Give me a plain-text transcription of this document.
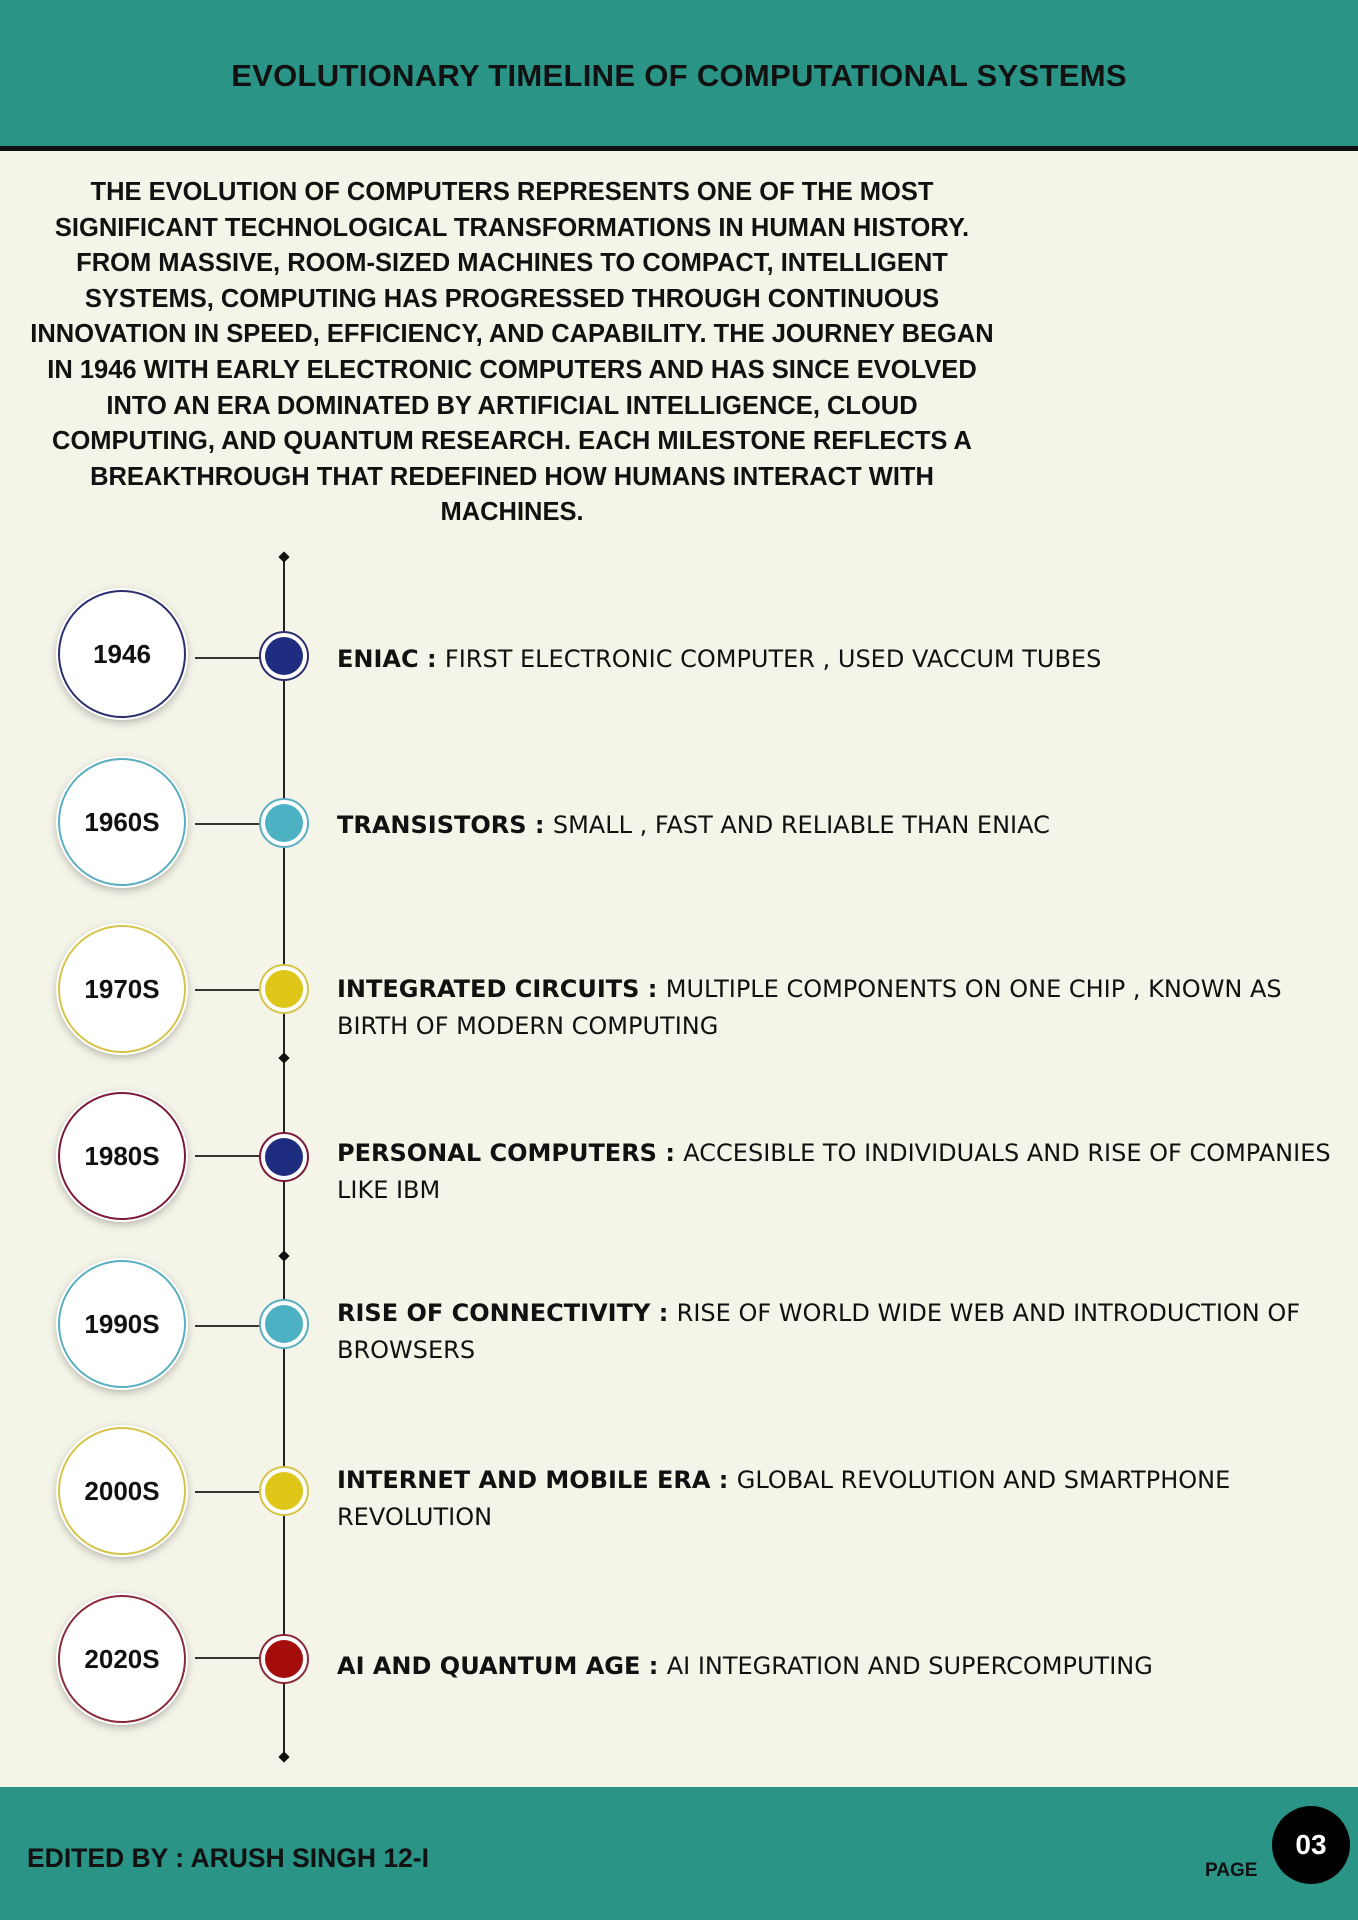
EVOLUTIONARY TIMELINE OF COMPUTATIONAL SYSTEMS
THE EVOLUTION OF COMPUTERS REPRESENTS ONE OF THE MOST SIGNIFICANT TECHNOLOGICAL TRANSFORMATIONS IN HUMAN HISTORY. FROM MASSIVE, ROOM-SIZED MACHINES TO COMPACT, INTELLIGENT SYSTEMS, COMPUTING HAS PROGRESSED THROUGH CONTINUOUS INNOVATION IN SPEED, EFFICIENCY, AND CAPABILITY. THE JOURNEY BEGAN IN 1946 WITH EARLY ELECTRONIC COMPUTERS AND HAS SINCE EVOLVED INTO AN ERA DOMINATED BY ARTIFICIAL INTELLIGENCE, CLOUD COMPUTING, AND QUANTUM RESEARCH. EACH MILESTONE REFLECTS A BREAKTHROUGH THAT REDEFINED HOW HUMANS INTERACT WITH MACHINES.
1946	ENIAC : FIRST ELECTRONIC COMPUTER , USED VACCUM TUBES
1960S	TRANSISTORS : SMALL , FAST AND RELIABLE THAN ENIAC
1970S	INTEGRATED CIRCUITS : MULTIPLE COMPONENTS ON ONE CHIP , KNOWN AS BIRTH OF MODERN COMPUTING
1980S	PERSONAL COMPUTERS : ACCESIBLE TO INDIVIDUALS AND RISE OF COMPANIES LIKE IBM
1990S	RISE OF CONNECTIVITY : RISE OF WORLD WIDE WEB AND INTRODUCTION OF BROWSERS
2000S	INTERNET AND MOBILE ERA : GLOBAL REVOLUTION AND SMARTPHONE REVOLUTION
2020S	AI AND QUANTUM AGE : AI INTEGRATION AND SUPERCOMPUTING
EDITED BY : ARUSH SINGH 12-I	PAGE
03
